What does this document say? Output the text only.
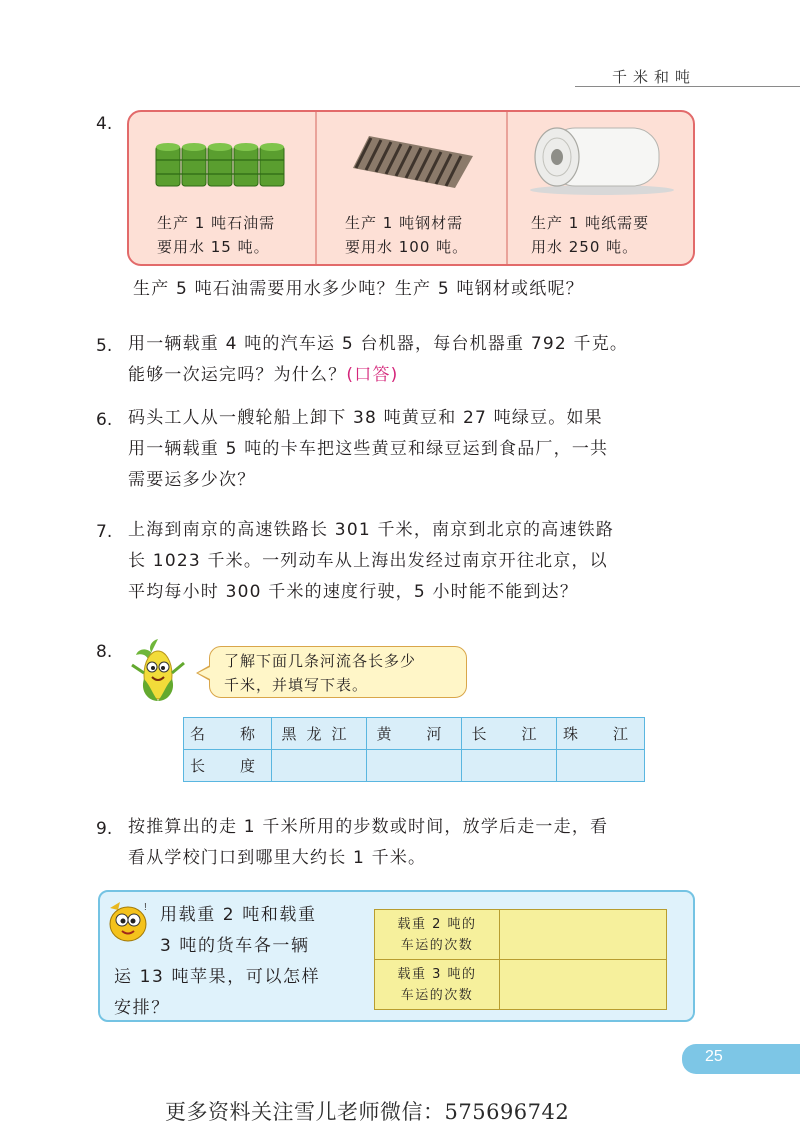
千米和吨
4.
生产 1 吨石油需
要用水 15 吨。
生产 1 吨钢材需
要用水 100 吨。
生产 1 吨纸需要
用水 250 吨。
生产 5 吨石油需要用水多少吨？生产 5 吨钢材或纸呢？
5. 用一辆载重 4 吨的汽车运 5 台机器，每台机器重 792 千克。
能够一次运完吗？为什么？(口答)
6. 码头工人从一艘轮船上卸下 38 吨黄豆和 27 吨绿豆。如果
用一辆载重 5 吨的卡车把这些黄豆和绿豆运到食品厂，一共
需要运多少次？
7. 上海到南京的高速铁路长 301 千米，南京到北京的高速铁路
长 1023 千米。一列动车从上海出发经过南京开往北京，以
平均每小时 300 千米的速度行驶，5 小时能不能到达？
8.	了解下面几条河流各长多少
千米，并填写下表。
名　称	黑龙江	黄　河	长　江	珠　江
长　度				
9. 按推算出的走 1 千米所用的步数或时间，放学后走一走，看
看从学校门口到哪里大约长 1 千米。
! 用载重 2 吨和载重
3 吨的货车各一辆
运 13 吨苹果，可以怎样
安排？
载重 2 吨的
车运的次数	

载重 3 吨的
车运的次数	

25
更多资料关注雪儿老师微信：575696742
